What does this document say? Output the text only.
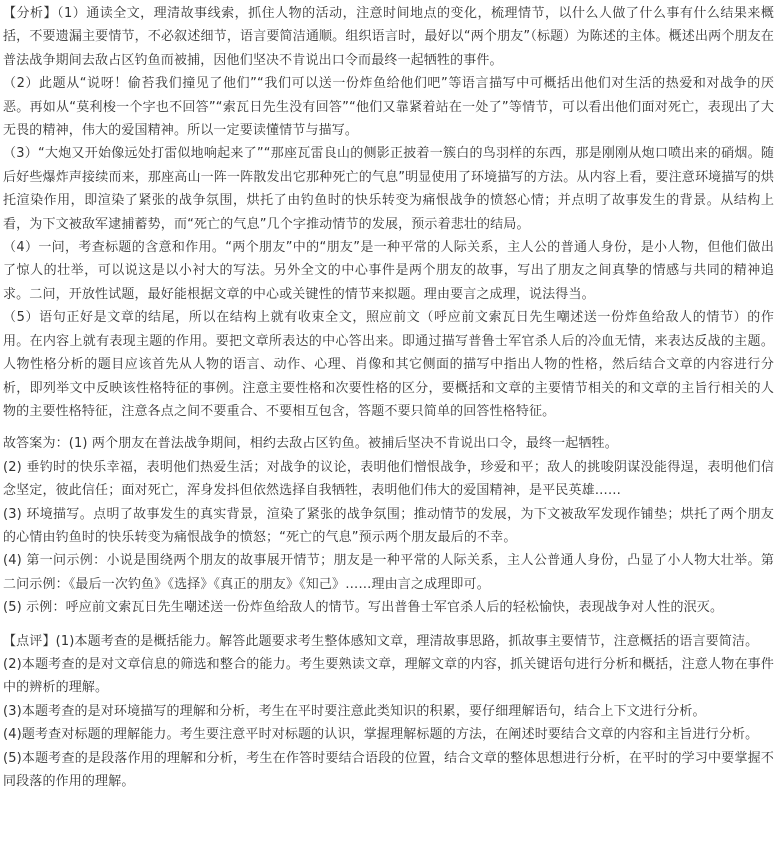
【分析】（1）通读全文，理清故事线索，抓住人物的活动，注意时间地点的变化，梳理情节，以什么人做了什么事有什么结果来概括，不要遗漏主要情节，不必叙述细节，语言要简洁通顺。组织语言时，最好以“两个朋友”（标题）为陈述的主体。概述出两个朋友在普法战争期间去敌占区钓鱼而被捕，因他们坚决不肯说出口令而最终一起牺牲的事件。

（2）此题从“说呀！偷苔我们撞见了他们”“我们可以送一份炸鱼给他们吧”等语言描写中可概括出他们对生活的热爱和对战争的厌恶。再如从“莫利梭一个字也不回答”“索瓦日先生没有回答”“他们又靠紧着站在一处了”等情节，可以看出他们面对死亡，表现出了大无畏的精神，伟大的爱国精神。所以一定要读懂情节与描写。

（3）“大炮又开始像远处打雷似地响起来了”“那座瓦雷良山的侧影正披着一簇白的鸟羽样的东西，那是刚刚从炮口喷出来的硝烟。随后好些爆炸声接续而来，那座高山一阵一阵散发出它那种死亡的气息”明显使用了环境描写的方法。从内容上看，要注意环境描写的烘托渲染作用，即渲染了紧张的战争氛围，烘托了由钓鱼时的快乐转变为痛恨战争的愤怒心情；并点明了故事发生的背景。从结构上看，为下文被敌军逮捕蓄势，而“死亡的气息”几个字推动情节的发展，预示着悲壮的结局。

（4）一问，考查标题的含意和作用。“两个朋友”中的“朋友”是一种平常的人际关系，主人公的普通人身份，是小人物，但他们做出了惊人的壮举，可以说这是以小衬大的写法。另外全文的中心事件是两个朋友的故事，写出了朋友之间真挚的情感与共同的精神追求。二问，开放性试题，最好能根据文章的中心或关键性的情节来拟题。理由要言之成理，说法得当。

（5）语句正好是文章的结尾，所以在结构上就有收束全文，照应前文（呼应前文索瓦日先生嘲述送一份炸鱼给敌人的情节）的作用。在内容上就有表现主题的作用。要把文章所表达的中心答出来。即通过描写普鲁士军官杀人后的冷血无情，来表达反战的主题。人物性格分析的题目应该首先从人物的语言、动作、心理、肖像和其它侧面的描写中指出人物的性格，然后结合文章的内容进行分析，即列举文中反映该性格特征的事例。注意主要性格和次要性格的区分，要概括和文章的主要情节相关的和文章的主旨行相关的人物的主要性格特征，注意各点之间不要重合、不要相互包含，答题不要只简单的回答性格特征。

故答案为：(1) 两个朋友在普法战争期间，相约去敌占区钓鱼。被捕后坚决不肯说出口令，最终一起牺牲。

(2) 垂钓时的快乐幸福，表明他们热爱生活；对战争的议论，表明他们憎恨战争，珍爱和平；敌人的挑唆阴谋没能得逞，表明他们信念坚定，彼此信任；面对死亡，浑身发抖但依然选择自我牺牲，表明他们伟大的爱国精神，是平民英雄……

(3) 环境描写。点明了故事发生的真实背景，渲染了紧张的战争氛围；推动情节的发展，为下文被敌军发现作铺垫；烘托了两个朋友的心情由钓鱼时的快乐转变为痛恨战争的愤怒；“死亡的气息”预示两个朋友最后的不幸。

(4) 第一问示例：小说是围绕两个朋友的故事展开情节；朋友是一种平常的人际关系，主人公普通人身份，凸显了小人物大壮举。第二问示例：《最后一次钓鱼》《选择》《真正的朋友》《知己》……理由言之成理即可。

(5) 示例：呼应前文索瓦日先生嘲述送一份炸鱼给敌人的情节。写出普鲁士军官杀人后的轻松愉快，表现战争对人性的泯灭。

【点评】(1)本题考查的是概括能力。解答此题要求考生整体感知文章，理清故事思路，抓故事主要情节，注意概括的语言要简洁。

(2)本题考查的是对文章信息的筛选和整合的能力。考生要熟读文章，理解文章的内容，抓关键语句进行分析和概括，注意人物在事件中的辨析的理解。

(3)本题考查的是对环境描写的理解和分析，考生在平时要注意此类知识的积累，要仔细理解语句，结合上下文进行分析。

(4)题考查对标题的理解能力。考生要注意平时对标题的认识，掌握理解标题的方法，在阐述时要结合文章的内容和主旨进行分析。

(5)本题考查的是段落作用的理解和分析，考生在作答时要结合语段的位置，结合文章的整体思想进行分析，在平时的学习中要掌握不同段落的作用的理解。
